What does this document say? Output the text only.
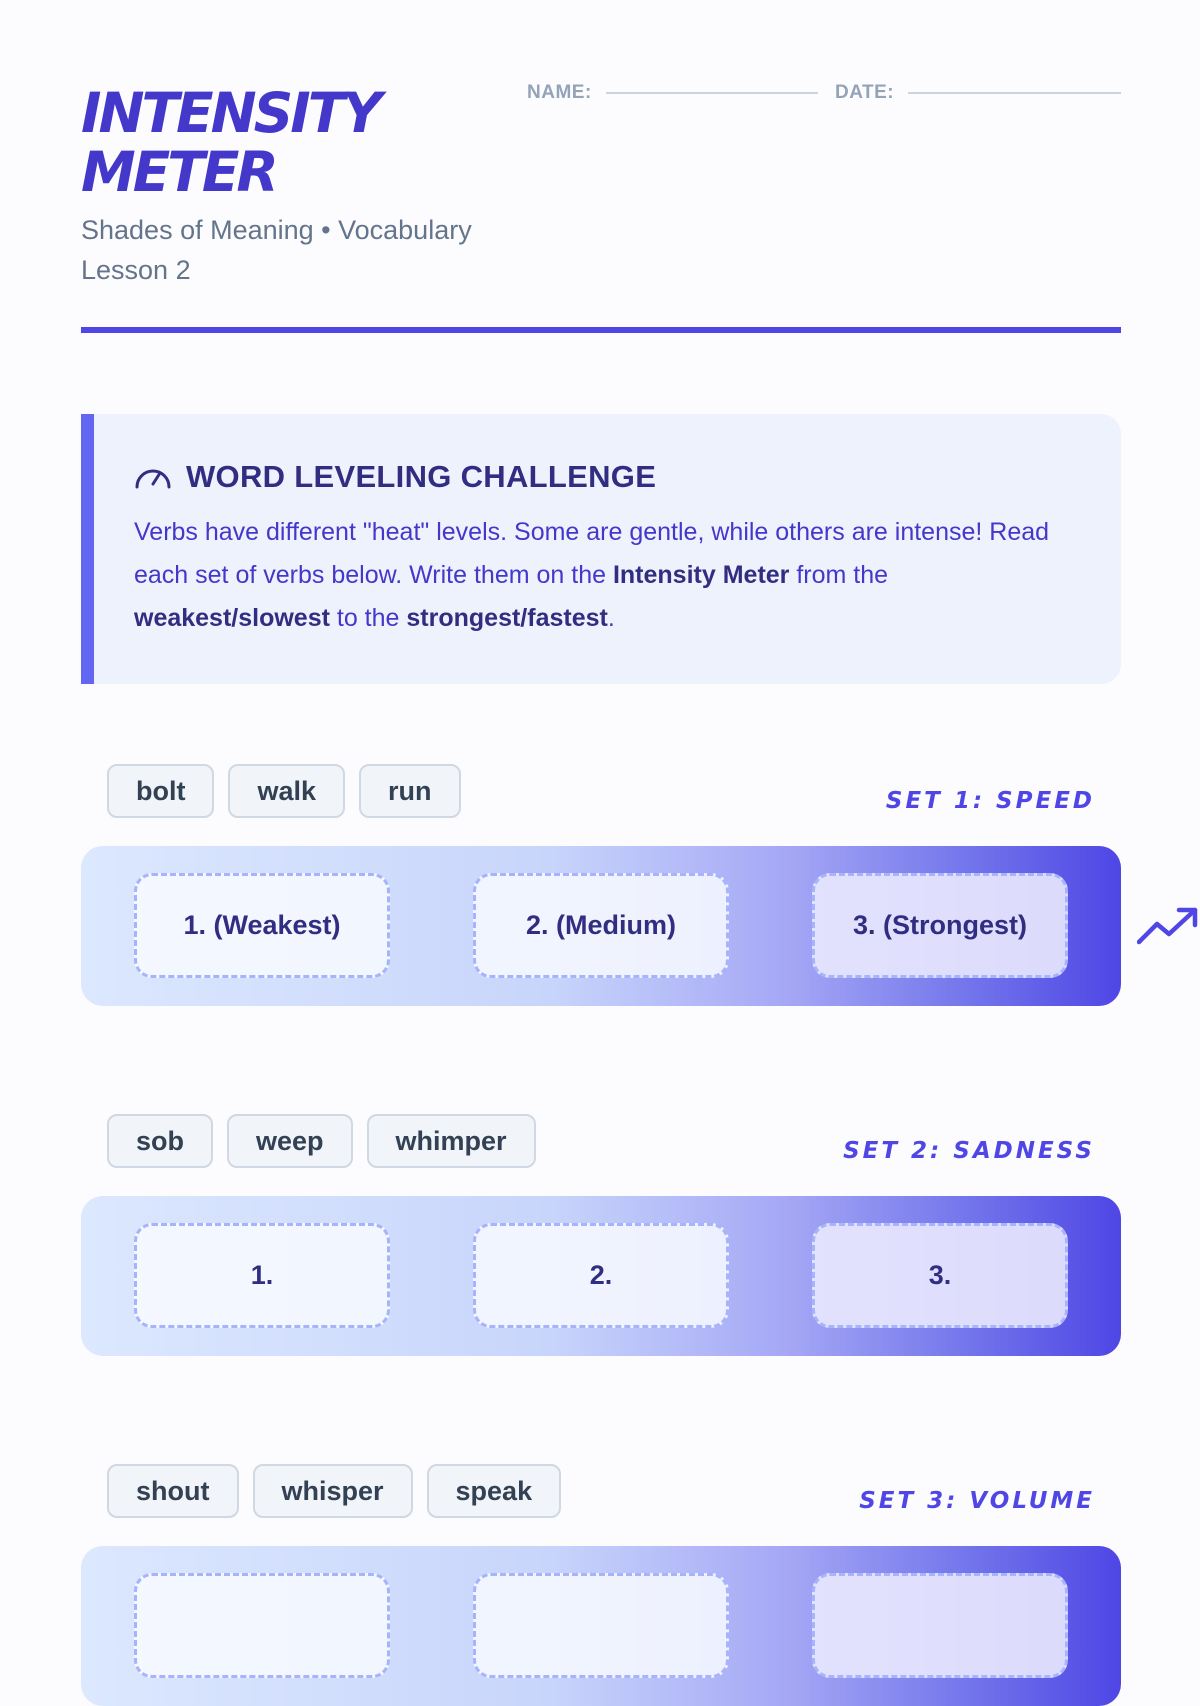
INTENSITY
METER
Shades of Meaning • Vocabulary
Lesson 2
NAME:	DATE:
WORD LEVELING CHALLENGE
Verbs have different "heat" levels. Some are gentle, while others are intense! Read each set of verbs below. Write them on the Intensity Meter from the weakest/slowest to the strongest/fastest.
bolt	walk	run	SET 1: SPEED
1. (Weakest)	2. (Medium)	3. (Strongest)
sob	weep	whimper	SET 2: SADNESS
1.	2.	3.
shout	whisper	speak	SET 3: VOLUME
